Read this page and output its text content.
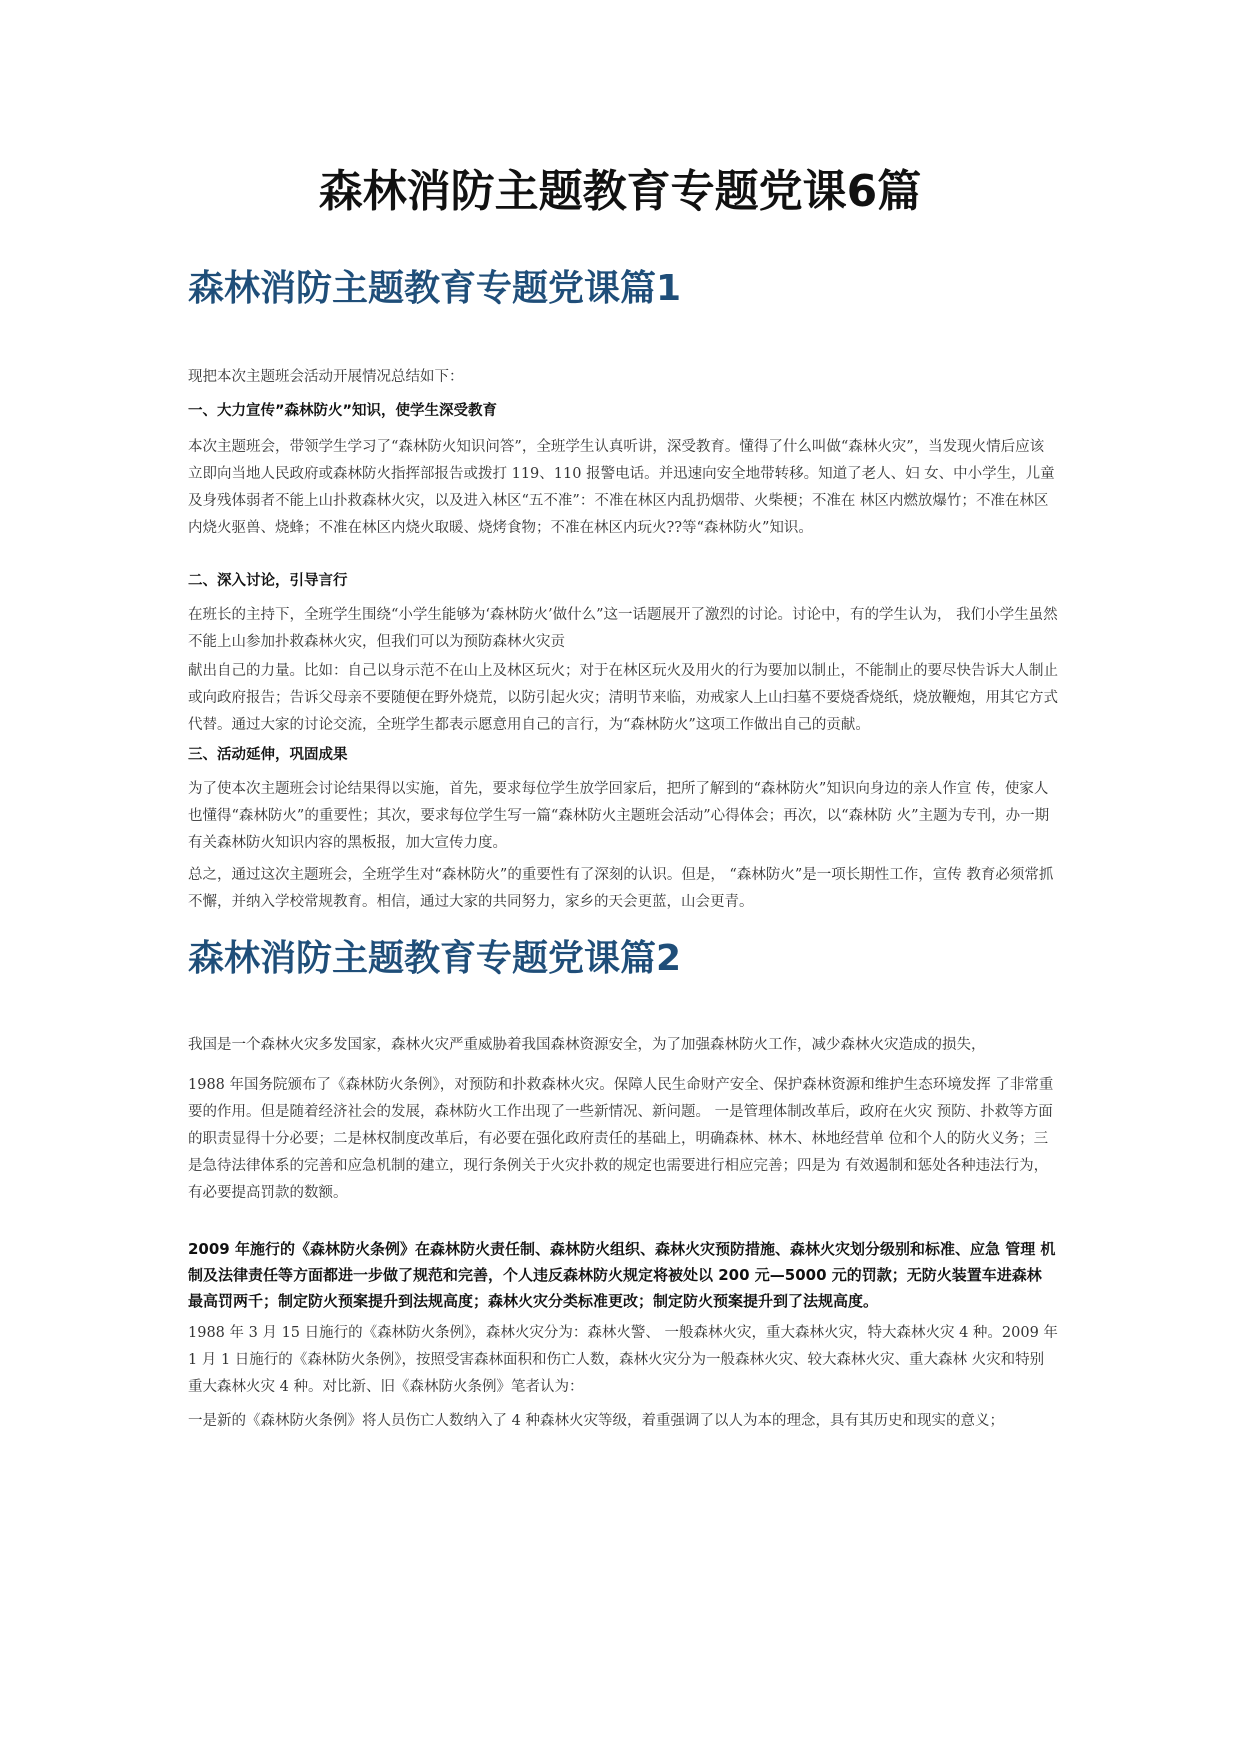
森林消防主题教育专题党课6篇
森林消防主题教育专题党课篇1

现把本次主题班会活动开展情况总结如下：

一、大力宣传”森林防火”知识，使学生深受教育

本次主题班会，带领学生学习了“森林防火知识问答”，全班学生认真听讲，深受教育。懂得了什么叫做“森林火灾”，当发现火情后应该立即向当地人民政府或森林防火指挥部报告或拨打 119、110 报警电话。并迅速向安全地带转移。知道了老人、妇 女、中小学生，儿童及身残体弱者不能上山扑救森林火灾，以及进入林区“五不准”：不准在林区内乱扔烟带、火柴梗；不准在 林区内燃放爆竹；不准在林区内烧火驱兽、烧蜂；不准在林区内烧火取暖、烧烤食物；不准在林区内玩火??等“森林防火”知识。

二、深入讨论，引导言行

在班长的主持下，全班学生围绕“小学生能够为‘森林防火’做什么”这一话题展开了激烈的讨论。讨论中，有的学生认为， 我们小学生虽然不能上山参加扑救森林火灾，但我们可以为预防森林火灾贡

献出自己的力量。比如：自己以身示范不在山上及林区玩火；对于在林区玩火及用火的行为要加以制止，不能制止的要尽快告诉大人制止或向政府报告；告诉父母亲不要随便在野外烧荒，以防引起火灾；清明节来临，劝戒家人上山扫墓不要烧香烧纸，烧放鞭炮，用其它方式代替。通过大家的讨论交流，全班学生都表示愿意用自己的言行，为“森林防火”这项工作做出自己的贡献。

三、活动延伸，巩固成果

为了使本次主题班会讨论结果得以实施，首先，要求每位学生放学回家后，把所了解到的“森林防火”知识向身边的亲人作宣 传，使家人也懂得“森林防火”的重要性；其次，要求每位学生写一篇“森林防火主题班会活动”心得体会；再次，以“森林防 火”主题为专刊，办一期有关森林防火知识内容的黑板报，加大宣传力度。

总之，通过这次主题班会，全班学生对“森林防火”的重要性有了深刻的认识。但是， “森林防火”是一项长期性工作，宣传 教育必须常抓不懈，并纳入学校常规教育。相信，通过大家的共同努力，家乡的天会更蓝，山会更青。

森林消防主题教育专题党课篇2

我国是一个森林火灾多发国家，森林火灾严重威胁着我国森林资源安全，为了加强森林防火工作，减少森林火灾造成的损失，

1988 年国务院颁布了《森林防火条例》，对预防和扑救森林火灾。保障人民生命财产安全、保护森林资源和维护生态环境发挥 了非常重要的作用。但是随着经济社会的发展，森林防火工作出现了一些新情况、新问题。 一是管理体制改革后，政府在火灾 预防、扑救等方面的职责显得十分必要；二是林权制度改革后，有必要在强化政府责任的基础上，明确森林、林木、林地经营单 位和个人的防火义务；三是急待法律体系的完善和应急机制的建立，现行条例关于火灾扑救的规定也需要进行相应完善；四是为 有效遏制和惩处各种违法行为，有必要提高罚款的数额。

2009 年施行的《森林防火条例》在森林防火责任制、森林防火组织、森林火灾预防措施、森林火灾划分级别和标准、应急 管理 机制及法律责任等方面都进一步做了规范和完善，个人违反森林防火规定将被处以 200 元—5000 元的罚款；无防火装置车进森林 最高罚两千；制定防火预案提升到法规高度；森林火灾分类标准更改；制定防火预案提升到了法规高度。

1988 年 3 月 15 日施行的《森林防火条例》，森林火灾分为：森林火警、 一般森林火灾，重大森林火灾，特大森林火灾 4 种。2009 年 1 月 1 日施行的《森林防火条例》，按照受害森林面积和伤亡人数，森林火灾分为一般森林火灾、较大森林火灾、重大森林 火灾和特别重大森林火灾 4 种。对比新、旧《森林防火条例》笔者认为：

一是新的《森林防火条例》将人员伤亡人数纳入了 4 种森林火灾等级，着重强调了以人为本的理念，具有其历史和现实的意义；
